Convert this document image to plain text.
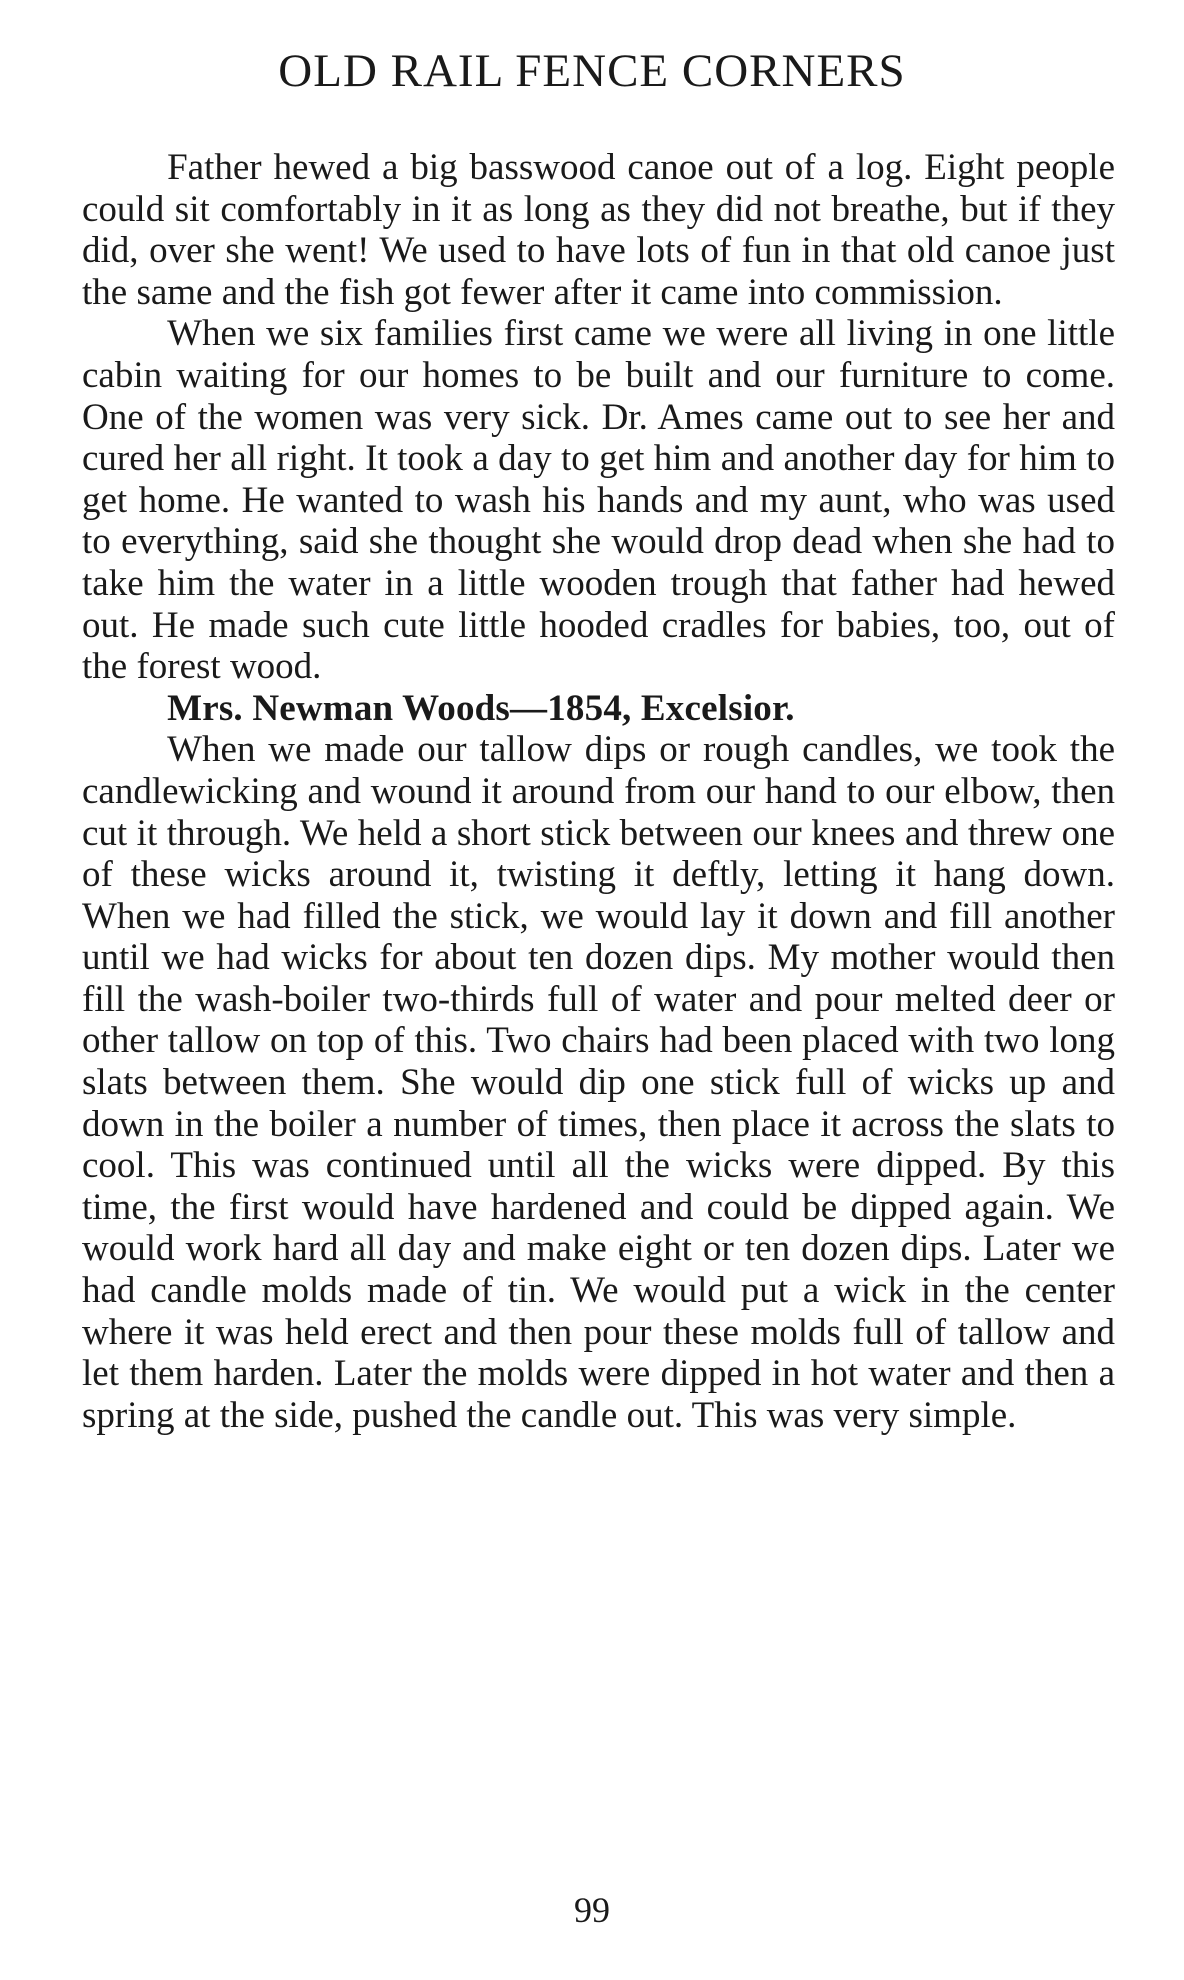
OLD RAIL FENCE CORNERS

Father hewed a big basswood canoe out of a log. Eight people could sit comfortably in it as long as they did not breathe, but if they did, over she went! We used to have lots of fun in that old canoe just the same and the fish got fewer after it came into commission.

When we six families first came we were all living in one little cabin waiting for our homes to be built and our furniture to come. One of the women was very sick. Dr. Ames came out to see her and cured her all right. It took a day to get him and another day for him to get home. He wanted to wash his hands and my aunt, who was used to everything, said she thought she would drop dead when she had to take him the water in a little wooden trough that father had hewed out. He made such cute little hooded cradles for babies, too, out of the forest wood.

Mrs. Newman Woods—1854, Excelsior.

When we made our tallow dips or rough candles, we took the candlewicking and wound it around from our hand to our elbow, then cut it through. We held a short stick between our knees and threw one of these wicks around it, twisting it deftly, letting it hang down. When we had filled the stick, we would lay it down and fill another until we had wicks for about ten dozen dips. My mother would then fill the wash-boiler two-thirds full of water and pour melted deer or other tallow on top of this. Two chairs had been placed with two long slats between them. She would dip one stick full of wicks up and down in the boiler a number of times, then place it across the slats to cool. This was continued until all the wicks were dipped. By this time, the first would have hardened and could be dipped again. We would work hard all day and make eight or ten dozen dips. Later we had candle molds made of tin. We would put a wick in the center where it was held erect and then pour these molds full of tallow and let them harden. Later the molds were dipped in hot water and then a spring at the side, pushed the candle out. This was very simple.

99
